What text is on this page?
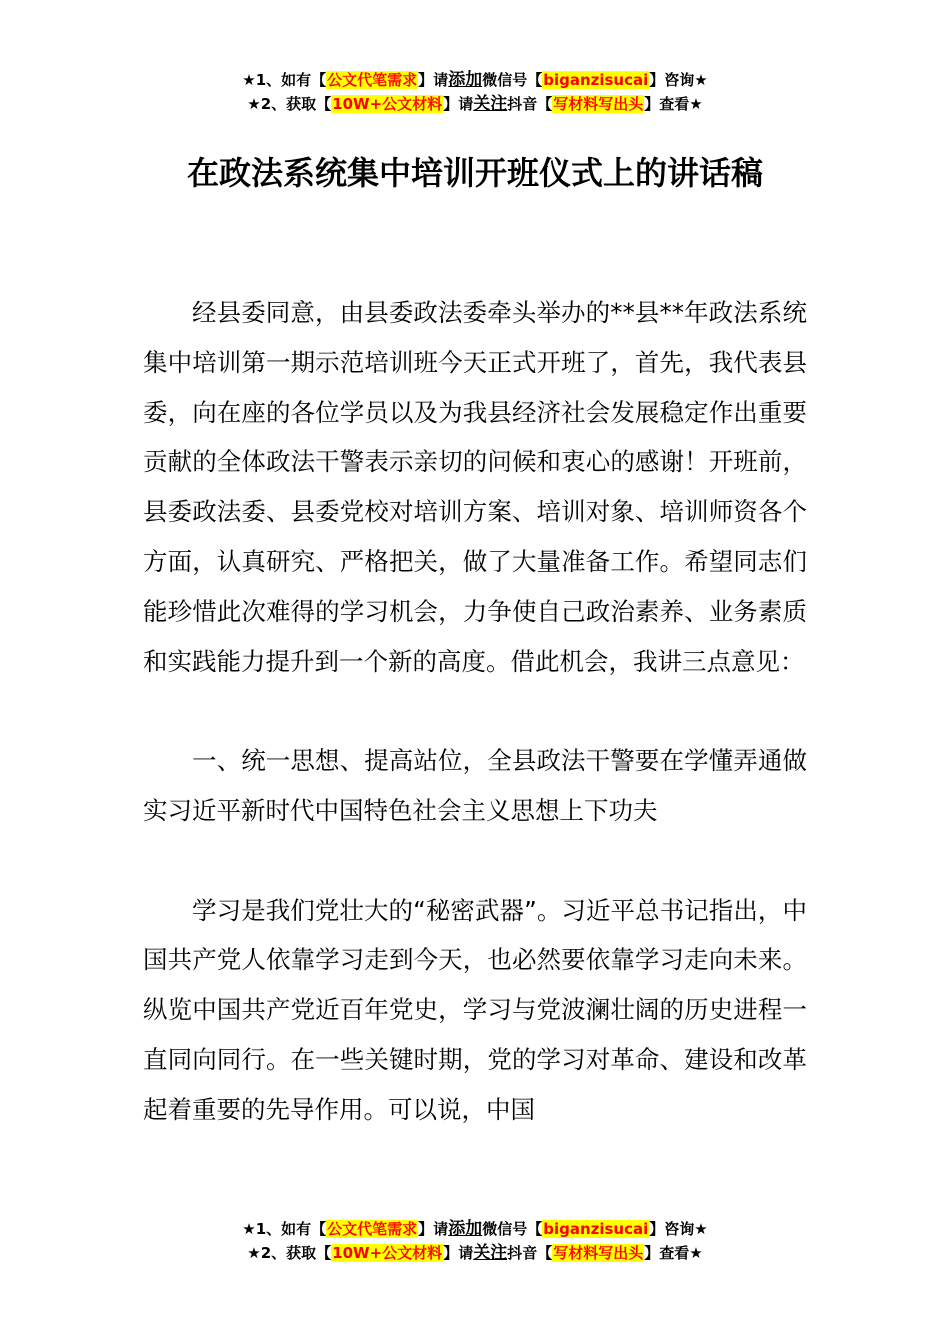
★1、如有【公文代笔需求】请添加微信号【biganzisucai】咨询★
★2、获取【10W+公文材料】请关注抖音【写材料写出头】查看★
在政法系统集中培训开班仪式上的讲话稿

经县委同意，由县委政法委牵头举办的**县**年政法系统集中培训第一期示范培训班今天正式开班了，首先，我代表县委，向在座的各位学员以及为我县经济社会发展稳定作出重要贡献的全体政法干警表示亲切的问候和衷心的感谢！开班前，县委政法委、县委党校对培训方案、培训对象、培训师资各个方面，认真研究、严格把关，做了大量准备工作。希望同志们能珍惜此次难得的学习机会，力争使自己政治素养、业务素质和实践能力提升到一个新的高度。借此机会，我讲三点意见：

一、统一思想、提高站位，全县政法干警要在学懂弄通做实习近平新时代中国特色社会主义思想上下功夫

学习是我们党壮大的“秘密武器”。习近平总书记指出，中国共产党人依靠学习走到今天，也必然要依靠学习走向未来。纵览中国共产党近百年党史，学习与党波澜壮阔的历史进程一直同向同行。在一些关键时期，党的学习对革命、建设和改革起着重要的先导作用。可以说，中国

★1、如有【公文代笔需求】请添加微信号【biganzisucai】咨询★
★2、获取【10W+公文材料】请关注抖音【写材料写出头】查看★
